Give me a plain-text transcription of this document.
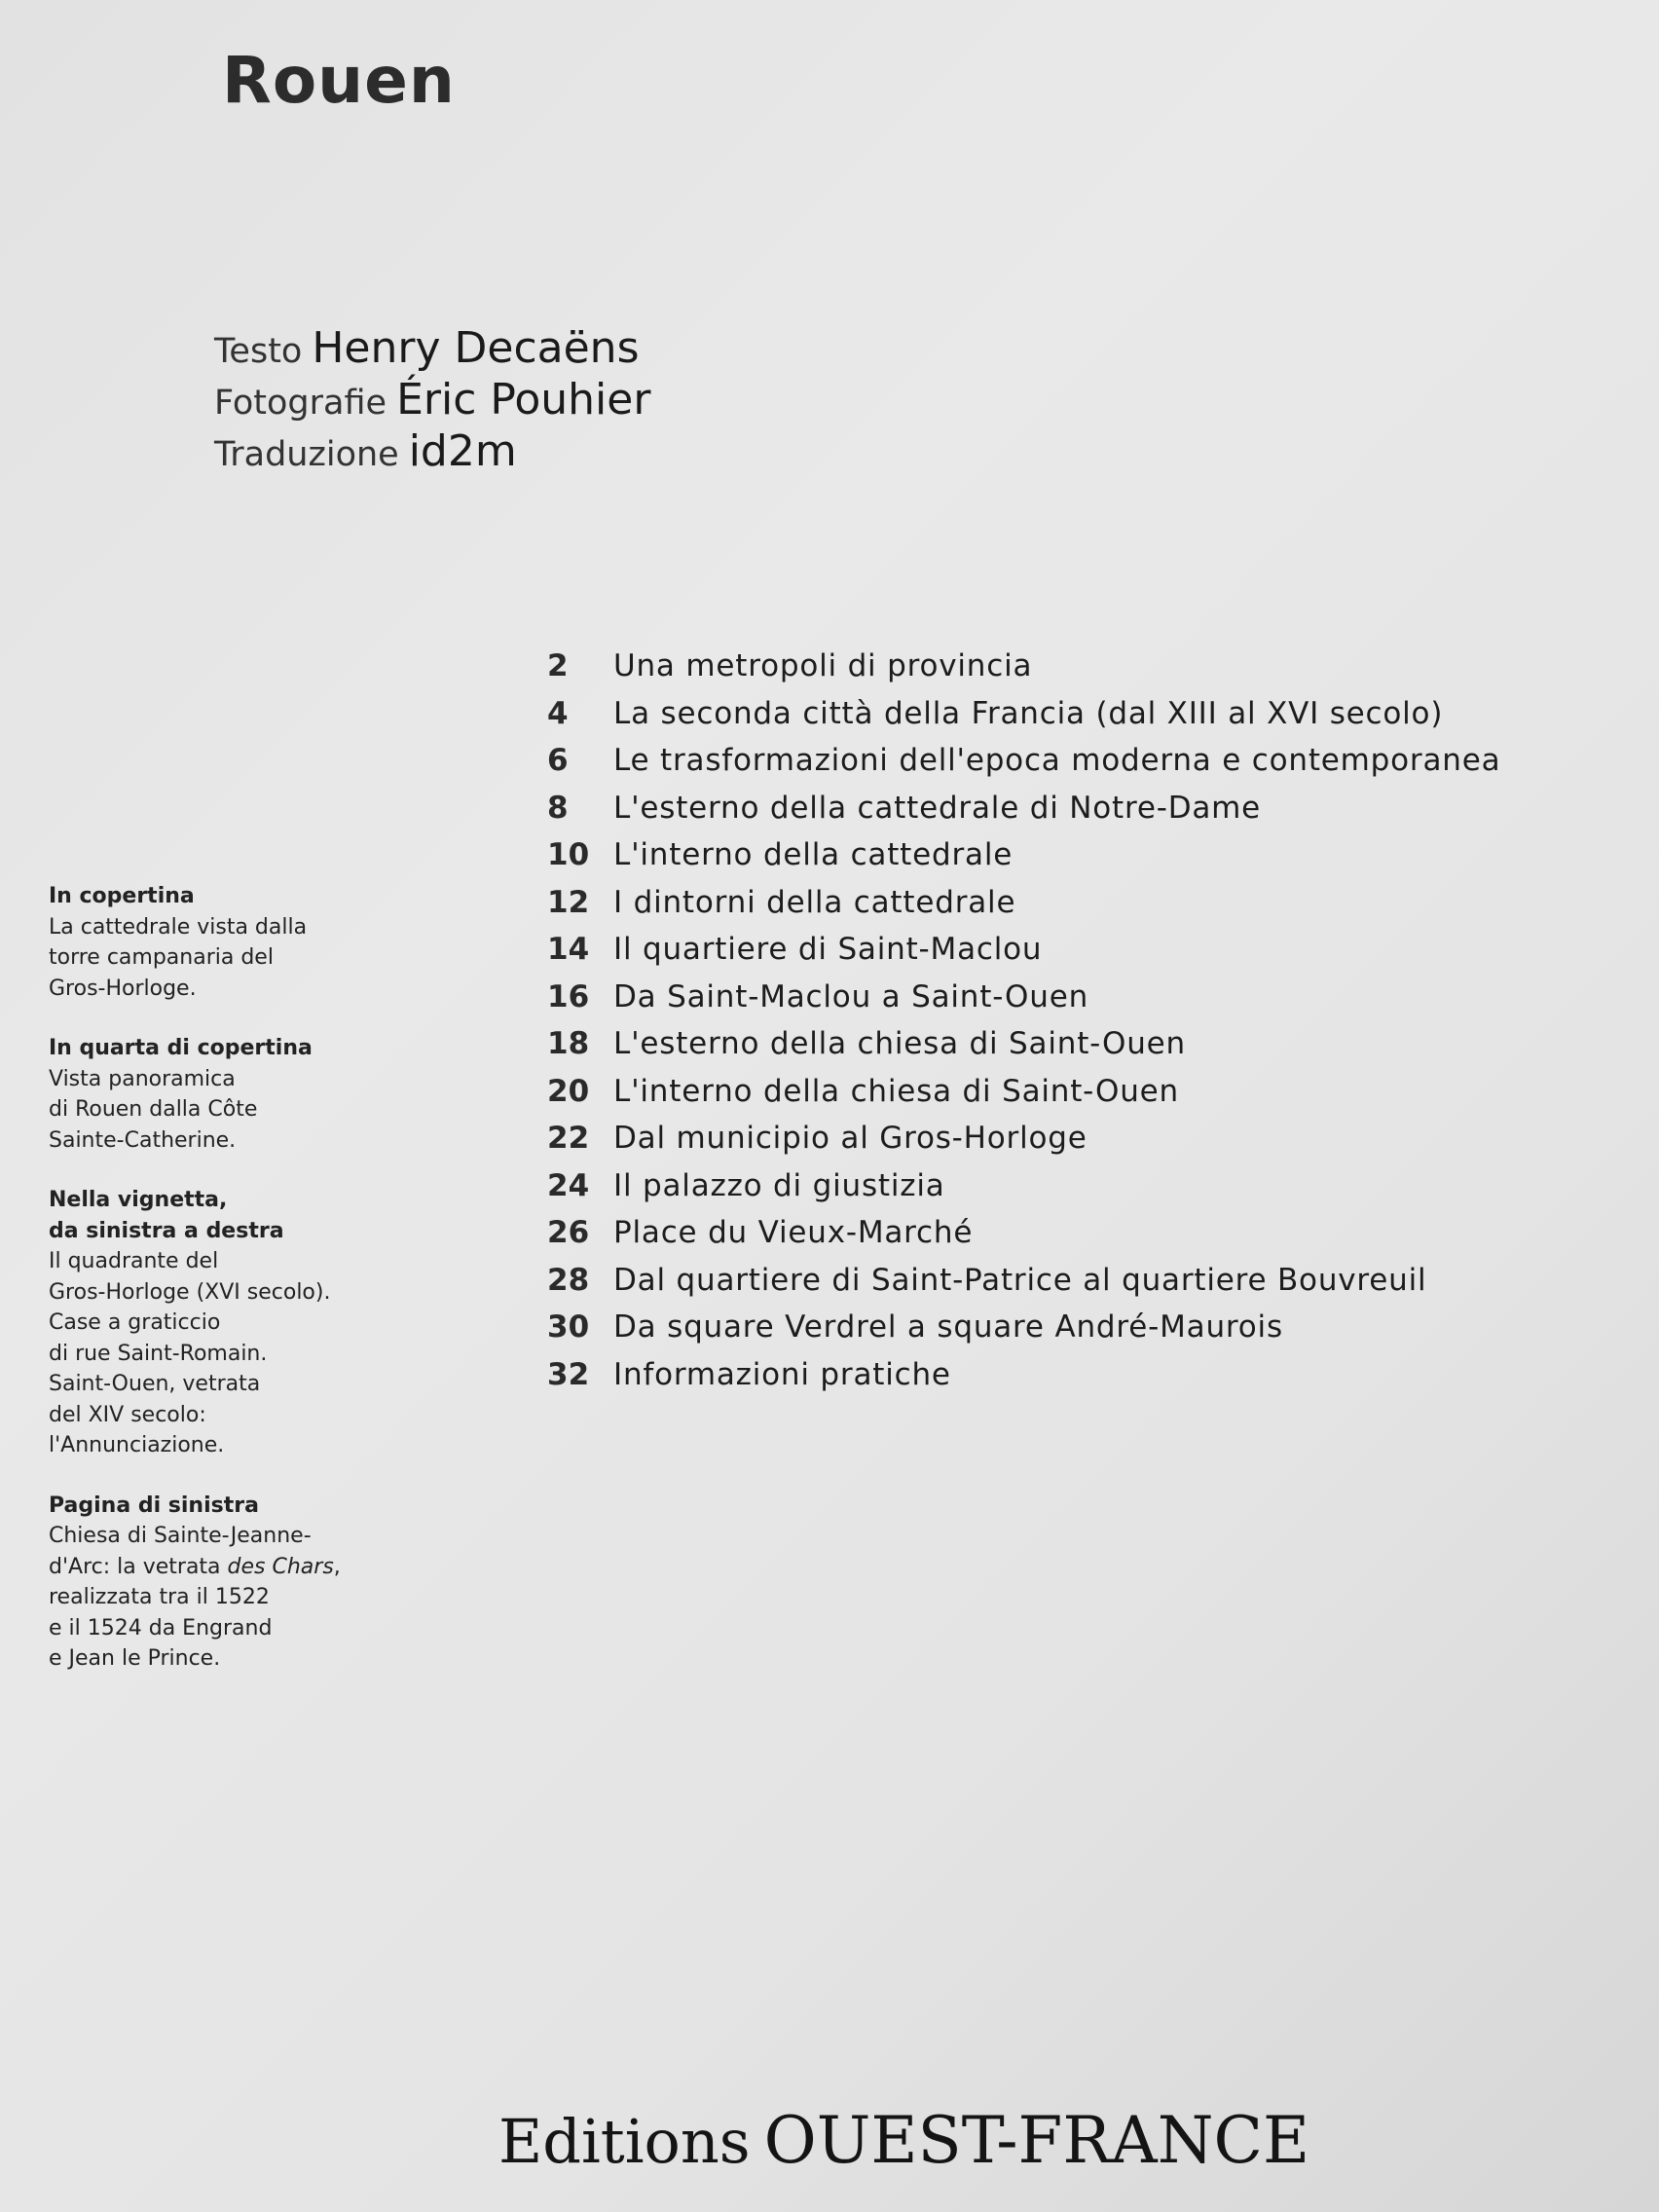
Rouen
Testo Henry Decaëns
Fotografie Éric Pouhier
Traduzione id2m
2 Una metropoli di provincia
4 La seconda città della Francia (dal XIII al XVI secolo)
6 Le trasformazioni dell'epoca moderna e contemporanea
8 L'esterno della cattedrale di Notre-Dame
10 L'interno della cattedrale
12 I dintorni della cattedrale
14 Il quartiere di Saint-Maclou
16 Da Saint-Maclou a Saint-Ouen
18 L'esterno della chiesa di Saint-Ouen
20 L'interno della chiesa di Saint-Ouen
22 Dal municipio al Gros-Horloge
24 Il palazzo di giustizia
26 Place du Vieux-Marché
28 Dal quartiere di Saint-Patrice al quartiere Bouvreuil
30 Da square Verdrel a square André-Maurois
32 Informazioni pratiche
In copertina
La cattedrale vista dalla
torre campanaria del
Gros-Horloge.
In quarta di copertina
Vista panoramica
di Rouen dalla Côte
Sainte-Catherine.
Nella vignetta,
da sinistra a destra
Il quadrante del
Gros-Horloge (XVI secolo).
Case a graticcio
di rue Saint-Romain.
Saint-Ouen, vetrata
del XIV secolo:
l'Annunciazione.
Pagina di sinistra
Chiesa di Sainte-Jeanne-
d'Arc: la vetrata des Chars,
realizzata tra il 1522
e il 1524 da Engrand
e Jean le Prince.
Editions OUEST-FRANCE
